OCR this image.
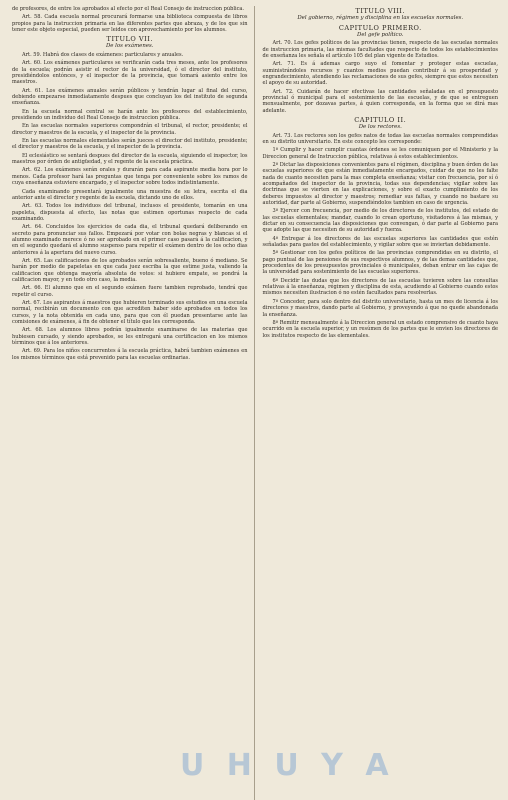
de profesores, de entre los aprobados al efecto por el Real Consejo de instruccion pública.

Art. 58. Cada escuela normal procurará formarse una biblioteca compuesta de libros propios para la instruccion primaria en las diferentes partes que abraza, y de los que sin tener este objeto especial, pueden ser leidos con aprovechamiento por los alumnos.

TITULO VII.
De los exámenes.

Art. 59. Habrá dos clases de exámenes: particulares y anuales.

Art. 60. Los exámenes particulares se verificarán cada tres meses, ante los profesores de la escuela; podrán asistir el rector de la universidad, ó el director del instituto, presidiéndolos entónces, y el inspector de la provincia, que tomará asiento entre los maestros.

Art. 61. Los exámenes anuales serán públicos y tendrán lugar al final del curso, debiendo empezarse inmediatamente despues que concluyan los del instituto de segunda enseñanza.

En la escuela normal central se harán ante los profesores del establecimiento, presidiendo un individuo del Real Consejo de instruccion pública.

En las escuelas normales superiores compondrán el tribunal, el rector, presidente; el director y maestros de la escuela, y el inspector de la provincia.

En las escuelas normales elementales serán jueces el director del instituto, presidente; el director y maestros de la escuela, y el inspector de la provincia.

El eclesiástico se sentará despues del director de la escuela, siguiendo el inspector, los maestros por órden de antigüedad, y el regente de la escuela práctica.

Art. 62. Los exámenes serán orales y durarán para cada aspirante media hora por lo menos. Cada profesor hará las preguntas que tenga por conveniente sobre los ramos de cuya enseñanza estuviere encargado, y el inspector sobre todos indistintamente.

Cada examinando presentará igualmente una muestra de su letra, escrita el dia anterior ante el director y regente de la escuela, dictando uno de ellos.

Art. 63. Todos los individuos del tribunal, inclusos el presidente, tomarán en una papeleta, dispuesta al efecto, las notas que estimen oportunas respecto de cada examinando.

Art. 64. Concluidos los ejercicios de cada dia, el tribunal quedará deliberando en secreto para pronunciar sus fallos. Empezará por votar con bolas negras y blancas si el alumno examinado merece ó no ser aprobado en el primer caso pasará á la calificacion, y en el segundo quedará el alumno suspenso para repetir el exámen dentro de los ocho dias anteriores á la apertura del nuevo curso.

Art. 65. Las calificaciones de los aprobados serán sobresaliente, bueno ó mediano. Se harán por medio de papeletas en que cada juez escriba la que estime justa, valiendo la calificacion que obtenga mayoría absoluta de votos: si hubiere empate, se pondrá la calificacion mayor, y en todo otro caso, la media.

Art. 66. El alumno que en el segundo exámen fuere tambien reprobado, tendrá que repetir el curso.

Art. 67. Los aspirantes á maestros que hubieren terminado sus estudios en una escuela normal, recibirán un documento con que acrediten haber sido aprobados en todos los cursos, y la nota obtenida en cada uno, para que con él puedan presentarse ante las comisiones de exámenes, á fin de obtener el título que les corresponda.

Art. 68. Los alumnos libres podrán igualmente examinarse de las materias que hubiesen cursado, y siendo aprobados, se les entregará una certificacion en los mismos términos que á los anteriores.

Art. 69. Para los niños concurrentes á la escuela práctica, habrá tambien exámenes en los mismos términos que está prevenido para las escuelas ordinarias.

TITULO VIII.
Del gobierno, régimen y disciplina en las escuelas normales.
CAPITULO PRIMERO.
Del gefe político.

Art. 70. Los gefes políticos de las provincias tienen, respecto de las escuelas normales de instruccion primaria, las mismas facultades que respecto de todos los establecimientos de enseñanza les señala el artículo 105 del plan vigente de Estudios.

Art. 71. Es á ademas cargo suyo el fomentar y proteger estas escuelas, suministrándoles recursos y cuantos medios puedan contribuir á su prosperidad y engrandecimiento, atendiendo las reclamaciones de sus gefes, siempre que estos necesiten el apoyo de su autoridad.

Art. 72. Cuidarán de hacer efectivas las cantidades señaladas en el presupuesto provincial ó municipal para el sostenimiento de las escuelas, y de que se entreguen mensualmente, por dozavas partes, á quien corresponda, en la forma que se dirá mas adelante.

CAPITULO II.
De los rectores.

Art. 73. Los rectores son los gefes natos de todas las escuelas normales comprendidas en su distrito universitario. En este concepto les corresponde:

1º Cumplir y hacer cumplir cuantas órdenes se les comuniquen por el Ministerio y la Direccion general de Instruccion pública, relativas á estos establecimientos.

2º Dictar las disposiciones convenientes para el régimen, disciplina y buen órden de las escuelas superiores de que están inmediatamente encargados, cuidar de que no les falte nada de cuanto necesiten para la mas completa enseñanza; visitar con frecuencia, por sí ó acompañados del inspector de la provincia, todas sus dependencias; vigilar sobre las doctrinas que se vierten en las explicaciones, y sobre el exacto cumplimiento de los deberes impuestos al director y maestros; remediar sus faltas, y cuando no bastare su autoridad, dar parte al Gobierno, suspendiéndolos tambien en caso de urgencia.

3º Ejercer con frecuencia, por medio de los directores de los institutos, del estado de las escuelas elementales; mandar, cuando lo crean oportuno, visitadores á las mismas, y dictar en su consecuencia las disposiciones que convengan, ó dar parte al Gobierno para que adopte las que necesiten de su autoridad y fuerza.

4º Entregar á los directores de las escuelas superiores las cantidades que estén señaladas para gastos del establecimiento, y vigilar sobre que se inviertan debidamente.

5º Gestionar con los gefes políticos de las provincias comprendidas en su distrito, el pago puntual de las pensiones de sus respectivos alumnos, y de las demas cantidades que, procedentes de los presupuestos provinciales ó municipales, deban entrar en las cajas de la universidad para sostenimiento de las escuelas superiores.

6º Decidir las dudas que los directores de las escuelas tuvieren sobre las consultas relativas á la enseñanza, régimen y disciplina de esta, acudiendo al Gobierno cuando estos mismos necesiten ilustracion ó no estén facultados para resolverlas.

7º Conceder, para solo dentro del distrito universitario, hasta un mes de licencia á los directores y maestros, dando parte al Gobierno, y proveyendo á que no quede abandonada la enseñanza.

8º Remitir mensualmente á la Direccion general un estado comprensivo de cuanto haya ocurrido en la escuela superior, y un resúmen de los partes que le envien los directores de los institutos respecto de las elementales.

U H U Y A
